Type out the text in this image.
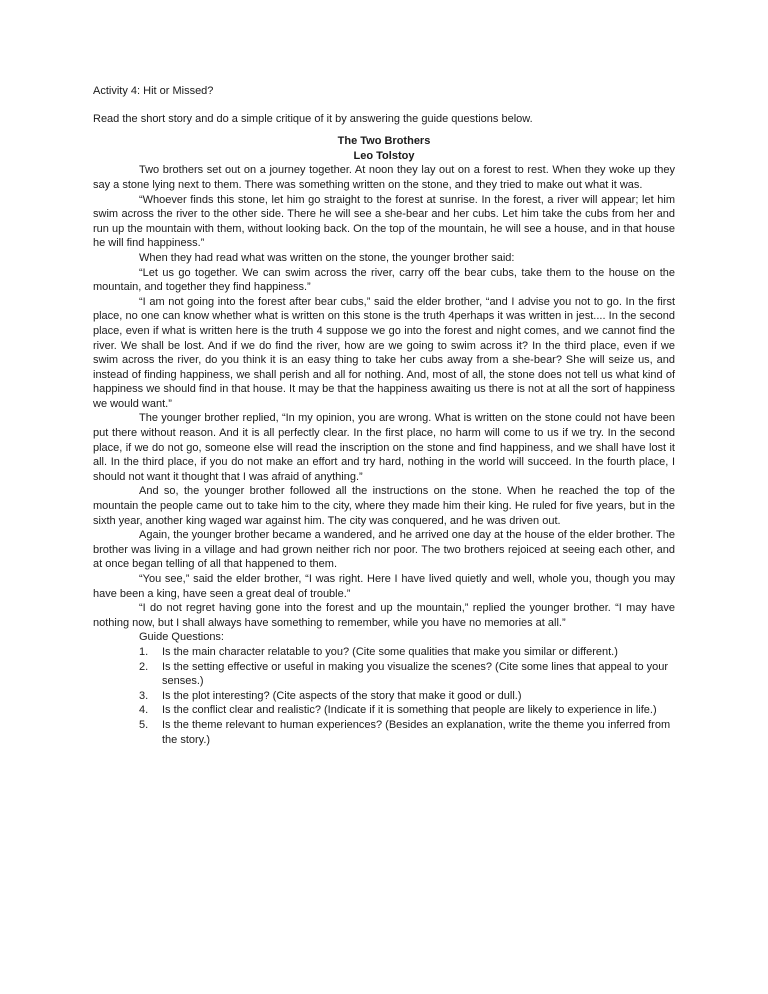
Activity 4: Hit or Missed?

Read the short story and do a simple critique of it by answering the guide questions below.

The Two Brothers

Leo Tolstoy

Two brothers set out on a journey together. At noon they lay out on a forest to rest. When they woke up they say a stone lying next to them. There was something written on the stone, and they tried to make out what it was.

“Whoever finds this stone, let him go straight to the forest at sunrise. In the forest, a river will appear; let him swim across the river to the other side. There he will see a she-bear and her cubs. Let him take the cubs from her and run up the mountain with them, without looking back. On the top of the mountain, he will see a house, and in that house he will find happiness.”

When they had read what was written on the stone, the younger brother said:

“Let us go together. We can swim across the river, carry off the bear cubs, take them to the house on the mountain, and together they find happiness.”

“I am not going into the forest after bear cubs,” said the elder brother, “and I advise you not to go. In the first place, no one can know whether what is written on this stone is the truth 4perhaps it was written in jest.... In the second place, even if what is written here is the truth 4 suppose we go into the forest and night comes, and we cannot find the river. We shall be lost. And if we do find the river, how are we going to swim across it? In the third place, even if we swim across the river, do you think it is an easy thing to take her cubs away from a she-bear? She will seize us, and instead of finding happiness, we shall perish and all for nothing. And, most of all, the stone does not tell us what kind of happiness we should find in that house. It may be that the happiness awaiting us there is not at all the sort of happiness we would want.”

The younger brother replied, “In my opinion, you are wrong. What is written on the stone could not have been put there without reason. And it is all perfectly clear. In the first place, no harm will come to us if we try. In the second place, if we do not go, someone else will read the inscription on the stone and find happiness, and we shall have lost it all. In the third place, if you do not make an effort and try hard, nothing in the world will succeed. In the fourth place, I should not want it thought that I was afraid of anything.”

And so, the younger brother followed all the instructions on the stone. When he reached the top of the mountain the people came out to take him to the city, where they made him their king. He ruled for five years, but in the sixth year, another king waged war against him. The city was conquered, and he was driven out.

Again, the younger brother became a wandered, and he arrived one day at the house of the elder brother. The brother was living in a village and had grown neither rich nor poor. The two brothers rejoiced at seeing each other, and at once began telling of all that happened to them.

“You see,” said the elder brother, “I was right. Here I have lived quietly and well, whole you, though you may have been a king, have seen a great deal of trouble.”

“I do not regret having gone into the forest and up the mountain,” replied the younger brother. “I may have nothing now, but I shall always have something to remember, while you have no memories at all.”

Guide Questions:

1. Is the main character relatable to you? (Cite some qualities that make you similar or different.)
2. Is the setting effective or useful in making you visualize the scenes? (Cite some lines that appeal to your senses.)
3. Is the plot interesting? (Cite aspects of the story that make it good or dull.)
4. Is the conflict clear and realistic? (Indicate if it is something that people are likely to experience in life.)
5. Is the theme relevant to human experiences? (Besides an explanation, write the theme you inferred from the story.)
